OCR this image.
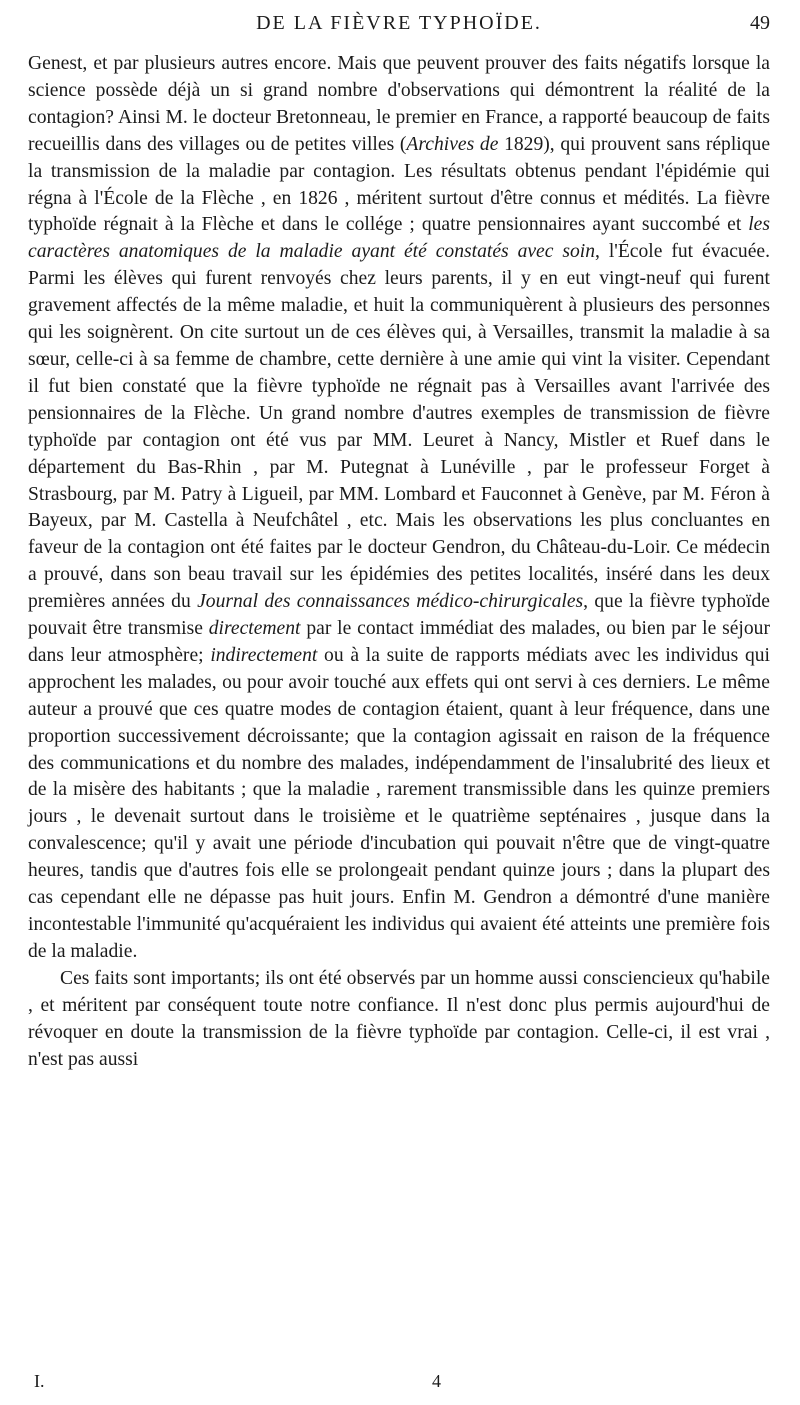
DE LA FIÈVRE TYPHOÏDE.	49

Genest, et par plusieurs autres encore. Mais que peuvent prouver des faits négatifs lorsque la science possède déjà un si grand nombre d'observations qui démontrent la réalité de la contagion? Ainsi M. le docteur Bretonneau, le premier en France, a rapporté beaucoup de faits recueillis dans des villages ou de petites villes (Archives de 1829), qui prouvent sans réplique la transmission de la maladie par contagion. Les résultats obtenus pendant l'épidémie qui régna à l'École de la Flèche , en 1826 , méritent surtout d'être connus et médités. La fièvre typhoïde régnait à la Flèche et dans le collége ; quatre pensionnaires ayant succombé et les caractères anatomiques de la maladie ayant été constatés avec soin, l'École fut évacuée. Parmi les élèves qui furent renvoyés chez leurs parents, il y en eut vingt-neuf qui furent gravement affectés de la même maladie, et huit la communiquèrent à plusieurs des personnes qui les soignèrent. On cite surtout un de ces élèves qui, à Versailles, transmit la maladie à sa sœur, celle-ci à sa femme de chambre, cette dernière à une amie qui vint la visiter. Cependant il fut bien constaté que la fièvre typhoïde ne régnait pas à Versailles avant l'arrivée des pensionnaires de la Flèche. Un grand nombre d'autres exemples de transmission de fièvre typhoïde par contagion ont été vus par MM. Leuret à Nancy, Mistler et Ruef dans le département du Bas-Rhin , par M. Putegnat à Lunéville , par le professeur Forget à Strasbourg, par M. Patry à Ligueil, par MM. Lombard et Fauconnet à Genève, par M. Féron à Bayeux, par M. Castella à Neufchâtel , etc. Mais les observations les plus concluantes en faveur de la contagion ont été faites par le docteur Gendron, du Château-du-Loir. Ce médecin a prouvé, dans son beau travail sur les épidémies des petites localités, inséré dans les deux premières années du Journal des connaissances médico-chirurgicales, que la fièvre typhoïde pouvait être transmise directement par le contact immédiat des malades, ou bien par le séjour dans leur atmosphère; indirectement ou à la suite de rapports médiats avec les individus qui approchent les malades, ou pour avoir touché aux effets qui ont servi à ces derniers. Le même auteur a prouvé que ces quatre modes de contagion étaient, quant à leur fréquence, dans une proportion successivement décroissante; que la contagion agissait en raison de la fréquence des communications et du nombre des malades, indépendamment de l'insalubrité des lieux et de la misère des habitants ; que la maladie , rarement transmissible dans les quinze premiers jours , le devenait surtout dans le troisième et le quatrième septénaires , jusque dans la convalescence; qu'il y avait une période d'incubation qui pouvait n'être que de vingt-quatre heures, tandis que d'autres fois elle se prolongeait pendant quinze jours ; dans la plupart des cas cependant elle ne dépasse pas huit jours. Enfin M. Gendron a démontré d'une manière incontestable l'immunité qu'acquéraient les individus qui avaient été atteints une première fois de la maladie.

Ces faits sont importants; ils ont été observés par un homme aussi consciencieux qu'habile , et méritent par conséquent toute notre confiance. Il n'est donc plus permis aujourd'hui de révoquer en doute la transmission de la fièvre typhoïde par contagion. Celle-ci, il est vrai , n'est pas aussi

I.	4
